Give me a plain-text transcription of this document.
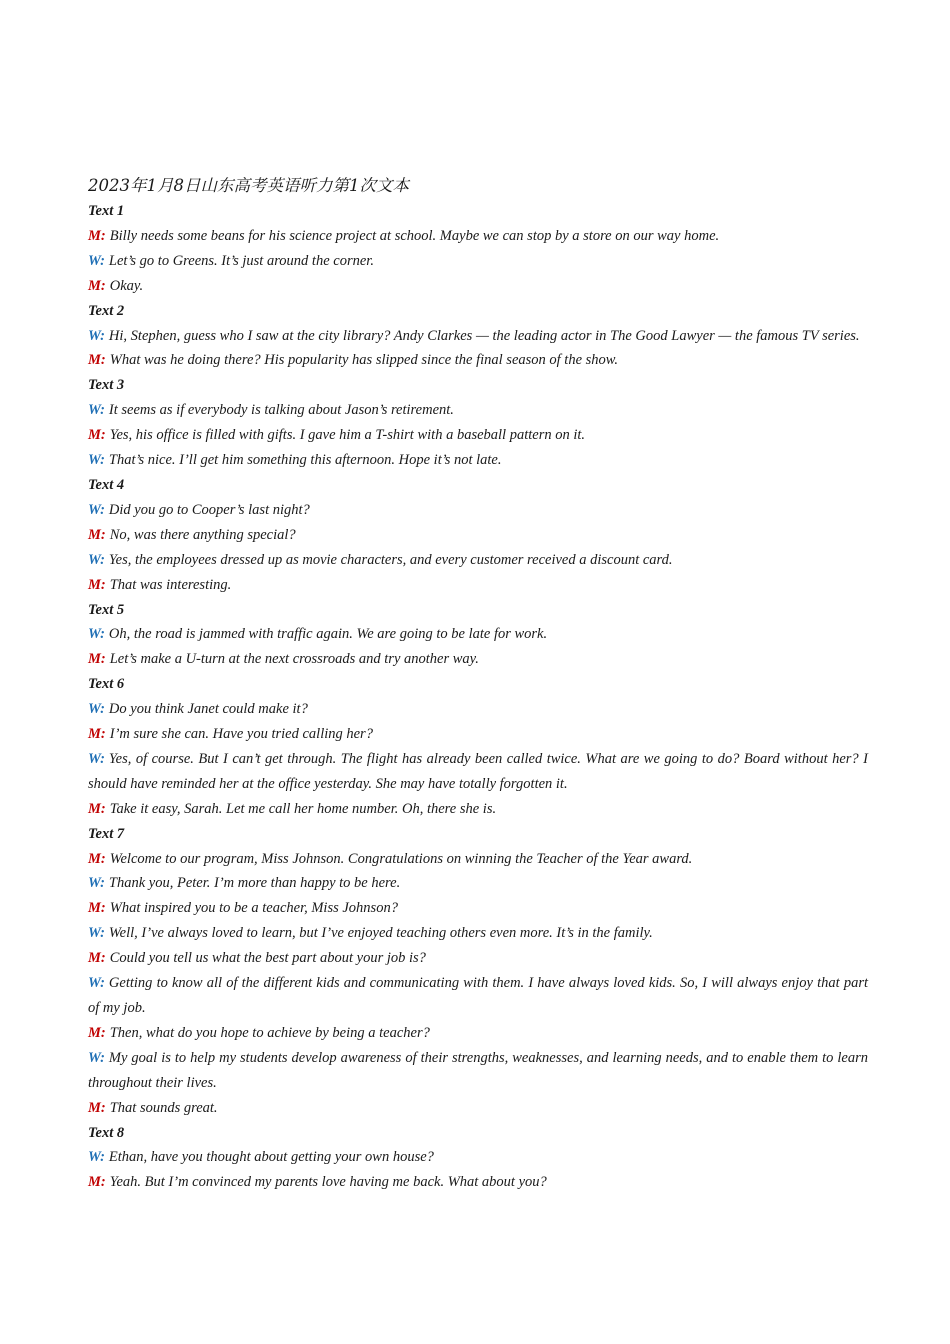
2023年1月8日山东高考英语听力第1次文本

Text 1

M: Billy needs some beans for his science project at school. Maybe we can stop by a store on our way home.

W: Let’s go to Greens. It’s just around the corner.

M: Okay.

Text 2

W: Hi, Stephen, guess who I saw at the city library? Andy Clarkes — the leading actor in The Good Lawyer — the famous TV series.

M: What was he doing there? His popularity has slipped since the final season of the show.

Text 3

W: It seems as if everybody is talking about Jason’s retirement.

M: Yes, his office is filled with gifts. I gave him a T-shirt with a baseball pattern on it.

W: That’s nice. I’ll get him something this afternoon. Hope it’s not late.

Text 4

W: Did you go to Cooper’s last night?

M: No, was there anything special?

W: Yes, the employees dressed up as movie characters, and every customer received a discount card.

M: That was interesting.

Text 5

W: Oh, the road is jammed with traffic again. We are going to be late for work.

M: Let’s make a U-turn at the next crossroads and try another way.

Text 6

W: Do you think Janet could make it?

M: I’m sure she can. Have you tried calling her?

W: Yes, of course. But I can’t get through. The flight has already been called twice. What are we going to do? Board without her? I should have reminded her at the office yesterday. She may have totally forgotten it.

M: Take it easy, Sarah. Let me call her home number. Oh, there she is.

Text 7

M: Welcome to our program, Miss Johnson. Congratulations on winning the Teacher of the Year award.

W: Thank you, Peter. I’m more than happy to be here.

M: What inspired you to be a teacher, Miss Johnson?

W: Well, I’ve always loved to learn, but I’ve enjoyed teaching others even more. It’s in the family.

M: Could you tell us what the best part about your job is?

W: Getting to know all of the different kids and communicating with them. I have always loved kids. So, I will always enjoy that part of my job.

M: Then, what do you hope to achieve by being a teacher?

W: My goal is to help my students develop awareness of their strengths, weaknesses, and learning needs, and to enable them to learn throughout their lives.

M: That sounds great.

Text 8

W: Ethan, have you thought about getting your own house?

M: Yeah. But I’m convinced my parents love having me back. What about you?
